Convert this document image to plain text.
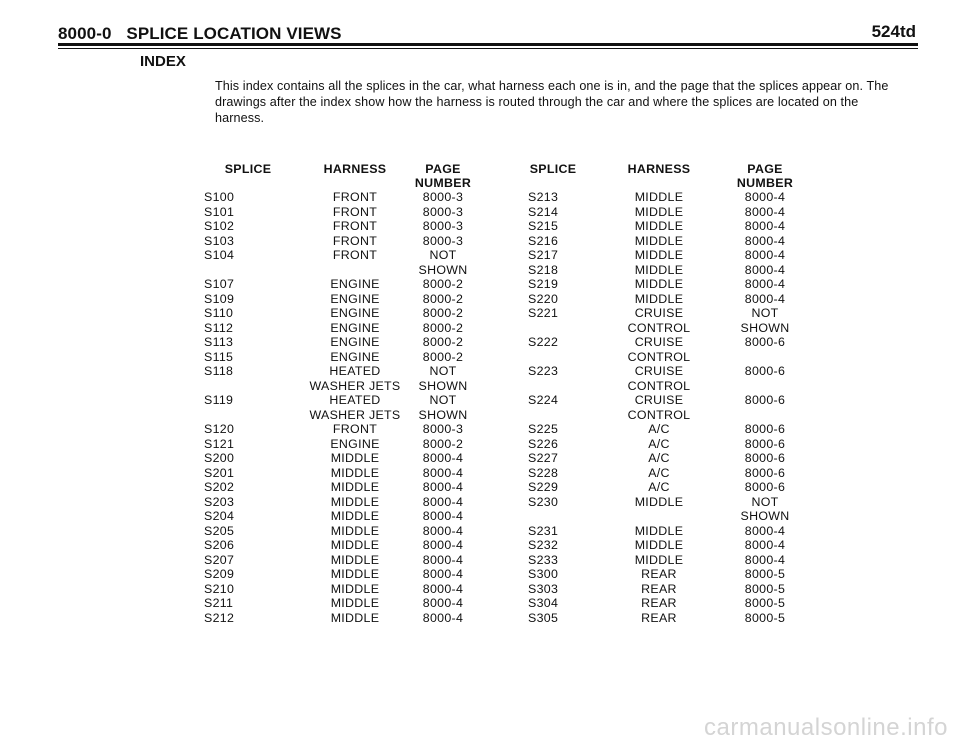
8000-0 SPLICE LOCATION VIEWS	524td
INDEX

This index contains all the splices in the car, what harness each one is in, and the page that the splices appear on. The drawings after the index show how the harness is routed through the car and where the splices are located on the harness.

SPLICE	HARNESS	PAGE
NUMBER
S100	FRONT	8000-3
S101	FRONT	8000-3
S102	FRONT	8000-3
S103	FRONT	8000-3
S104	FRONT	NOT
		SHOWN
S107	ENGINE	8000-2
S109	ENGINE	8000-2
S110	ENGINE	8000-2
S112	ENGINE	8000-2
S113	ENGINE	8000-2
S115	ENGINE	8000-2
S118	HEATED	NOT
	WASHER JETS	SHOWN
S119	HEATED	NOT
	WASHER JETS	SHOWN
S120	FRONT	8000-3
S121	ENGINE	8000-2
S200	MIDDLE	8000-4
S201	MIDDLE	8000-4
S202	MIDDLE	8000-4
S203	MIDDLE	8000-4
S204	MIDDLE	8000-4
S205	MIDDLE	8000-4
S206	MIDDLE	8000-4
S207	MIDDLE	8000-4
S209	MIDDLE	8000-4
S210	MIDDLE	8000-4
S211	MIDDLE	8000-4
S212	MIDDLE	8000-4
SPLICE	HARNESS	PAGE
NUMBER
S213	MIDDLE	8000-4
S214	MIDDLE	8000-4
S215	MIDDLE	8000-4
S216	MIDDLE	8000-4
S217	MIDDLE	8000-4
S218	MIDDLE	8000-4
S219	MIDDLE	8000-4
S220	MIDDLE	8000-4
S221	CRUISE	NOT
	CONTROL	SHOWN
S222	CRUISE	8000-6
	CONTROL	
S223	CRUISE	8000-6
	CONTROL	
S224	CRUISE	8000-6
	CONTROL	
S225	A/C	8000-6
S226	A/C	8000-6
S227	A/C	8000-6
S228	A/C	8000-6
S229	A/C	8000-6
S230	MIDDLE	NOT
		SHOWN
S231	MIDDLE	8000-4
S232	MIDDLE	8000-4
S233	MIDDLE	8000-4
S300	REAR	8000-5
S303	REAR	8000-5
S304	REAR	8000-5
S305	REAR	8000-5
carmanualsonline.info
